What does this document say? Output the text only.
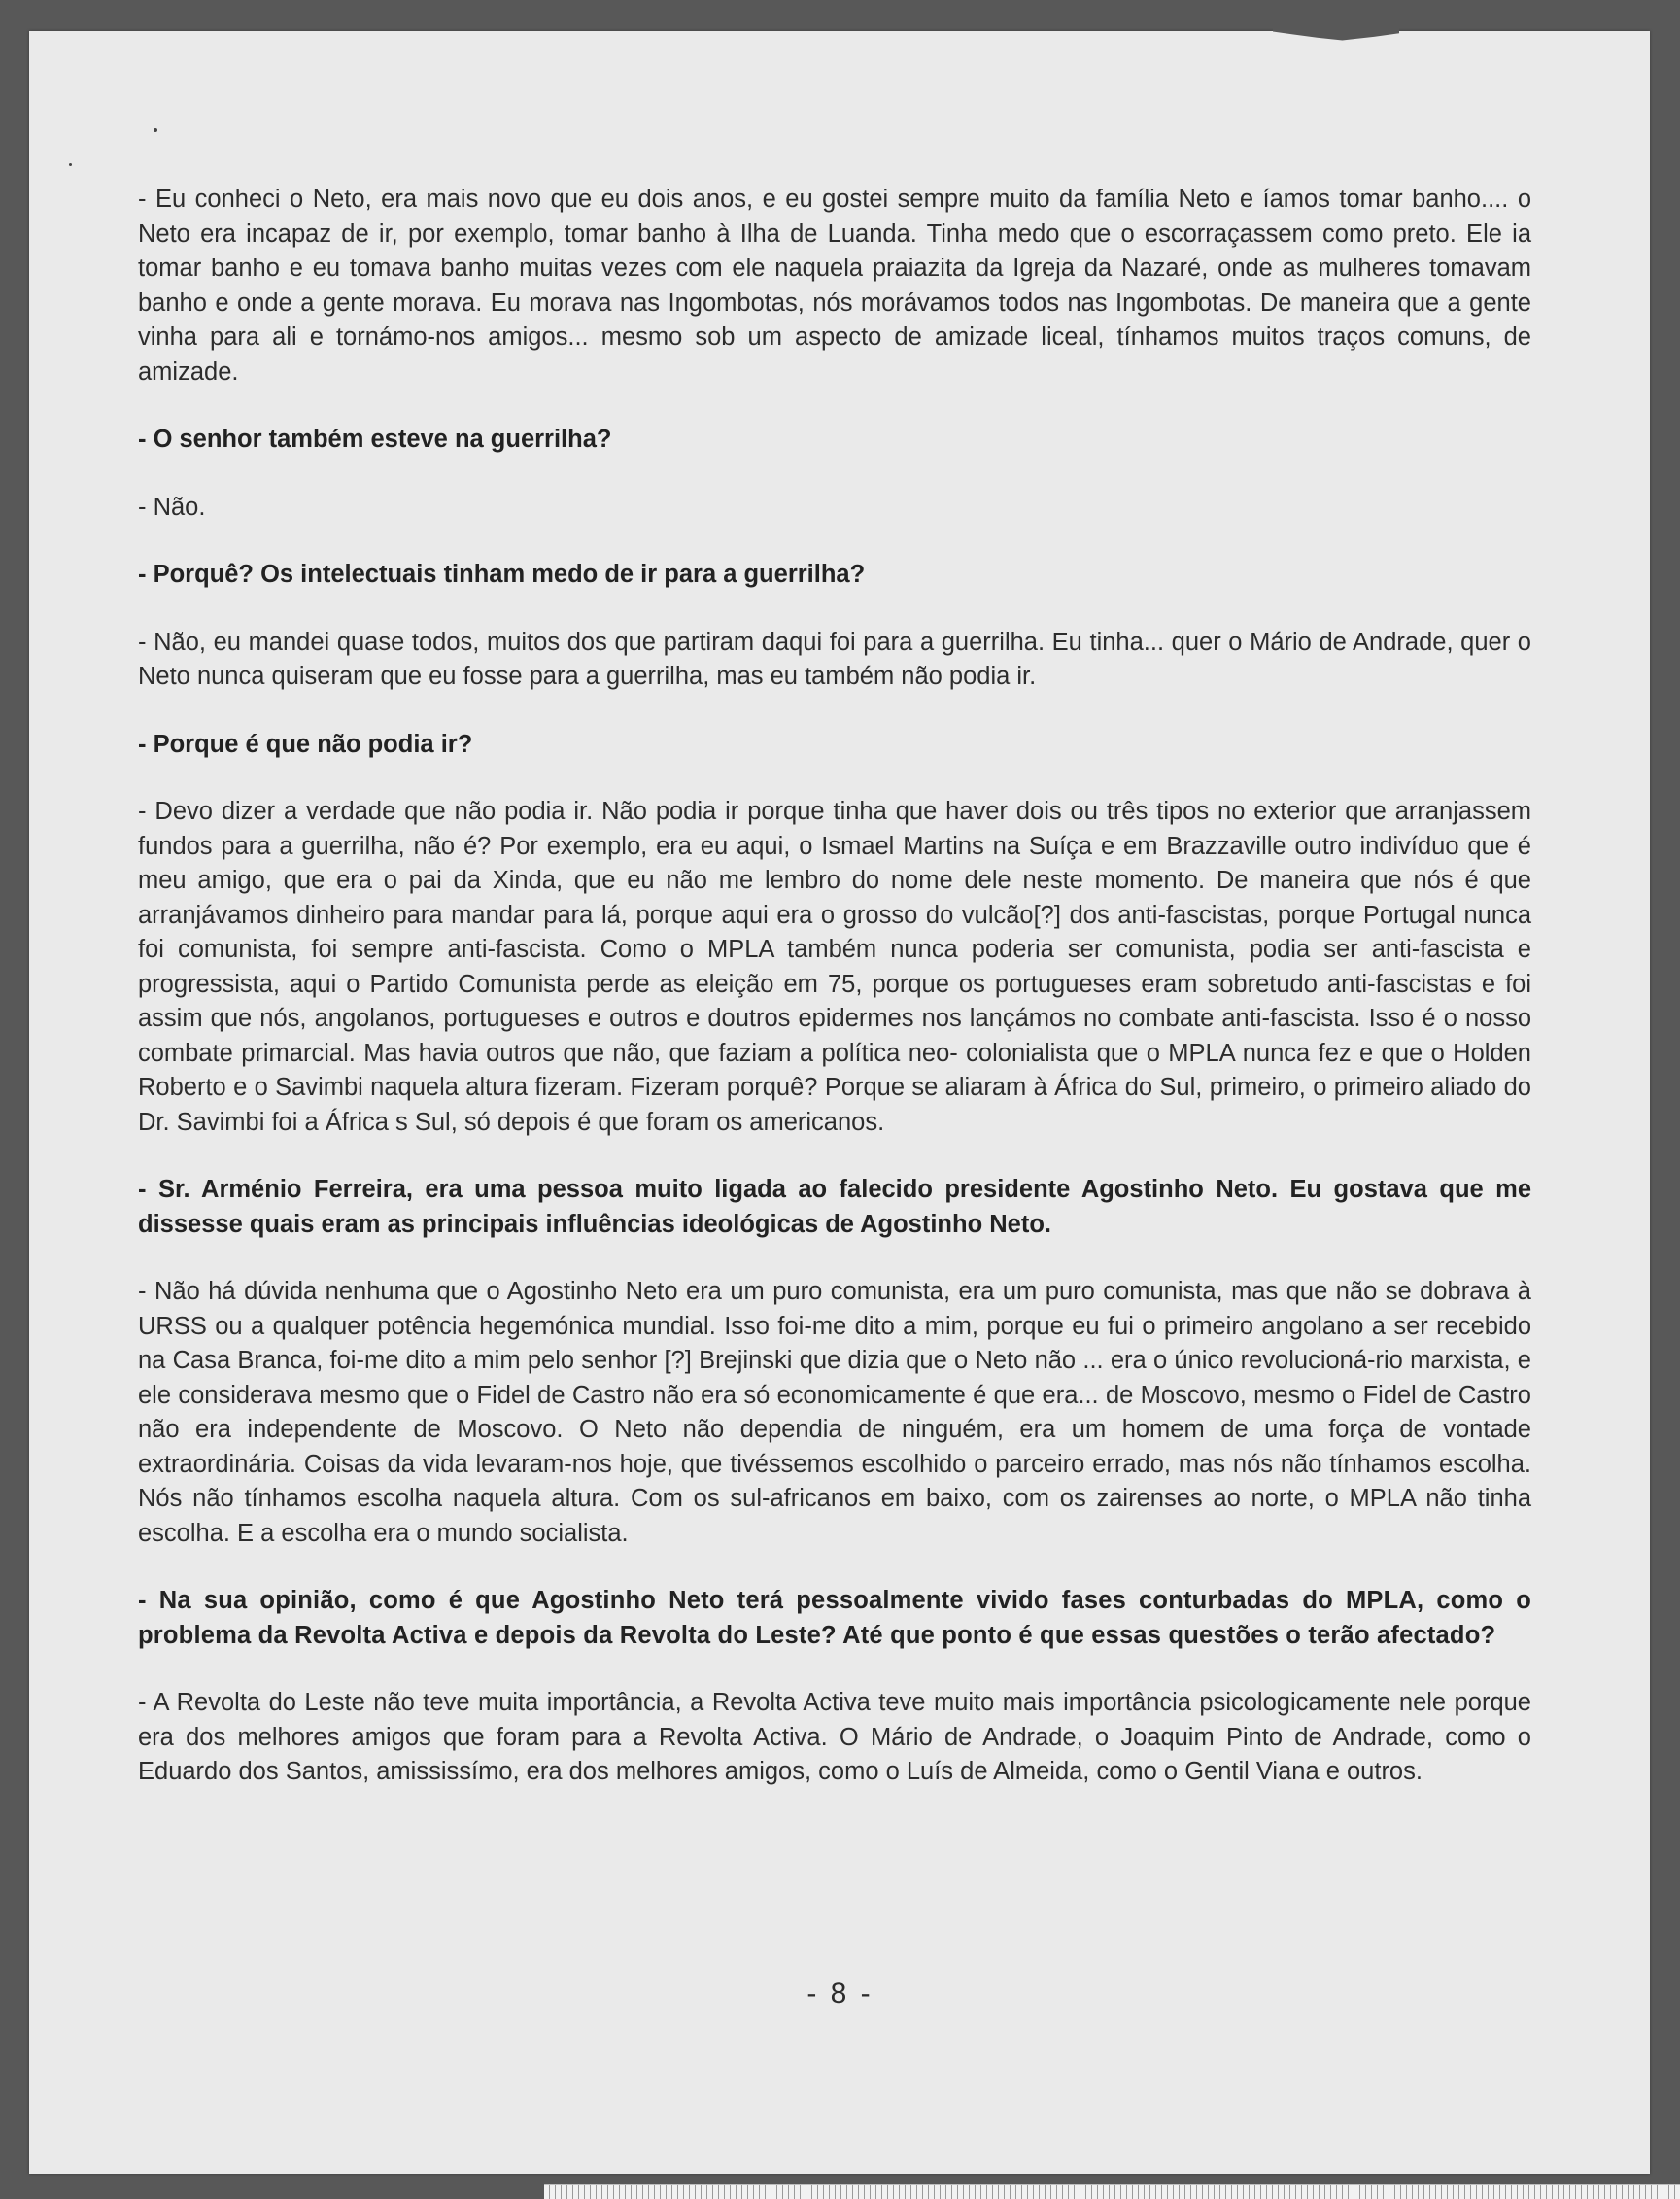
- Eu conheci o Neto, era mais novo que eu dois anos, e eu gostei sempre muito da família Neto e íamos tomar banho.... o Neto era incapaz de ir, por exemplo, tomar banho à Ilha de Luanda. Tinha medo que o escorraçassem como preto. Ele ia tomar banho e eu tomava banho muitas vezes com ele naquela praiazita da Igreja da Nazaré, onde as mulheres tomavam banho e onde a gente morava. Eu morava nas Ingombotas, nós morávamos todos nas Ingombotas. De maneira que a gente vinha para ali e tornámo-nos amigos... mesmo sob um aspecto de amizade liceal, tínhamos muitos traços comuns, de amizade.

- O senhor também esteve na guerrilha?

- Não.

- Porquê? Os intelectuais tinham medo de ir para a guerrilha?

- Não, eu mandei quase todos, muitos dos que partiram daqui foi para a guerrilha. Eu tinha... quer o Mário de Andrade, quer o Neto nunca quiseram que eu fosse para a guerrilha, mas eu também não podia ir.

- Porque é que não podia ir?

- Devo dizer a verdade que não podia ir. Não podia ir porque tinha que haver dois ou três tipos no exterior que arranjassem fundos para a guerrilha, não é? Por exemplo, era eu aqui, o Ismael Martins na Suíça e em Brazzaville outro indivíduo que é meu amigo, que era o pai da Xinda, que eu não me lembro do nome dele neste momento. De maneira que nós é que arranjávamos dinheiro para mandar para lá, porque aqui era o grosso do vulcão[?] dos anti-fascistas, porque Portugal nunca foi comunista, foi sempre anti-fascista. Como o MPLA também nunca poderia ser comunista, podia ser anti-fascista e progressista, aqui o Partido Comunista perde as eleição em 75, porque os portugueses eram sobretudo anti-fascistas e foi assim que nós, angolanos, portugueses e outros e doutros epidermes nos lançámos no combate anti-fascista. Isso é o nosso combate primarcial. Mas havia outros que não, que faziam a política neo- colonialista que o MPLA nunca fez e que o Holden Roberto e o Savimbi naquela altura fizeram. Fizeram porquê? Porque se aliaram à África do Sul, primeiro, o primeiro aliado do Dr. Savimbi foi a África s Sul, só depois é que foram os americanos.

- Sr. Arménio Ferreira, era uma pessoa muito ligada ao falecido presidente Agostinho Neto. Eu gostava que me dissesse quais eram as principais influências ideológicas de Agostinho Neto.

- Não há dúvida nenhuma que o Agostinho Neto era um puro comunista, era um puro comunista, mas que não se dobrava à URSS ou a qualquer potência hegemónica mundial. Isso foi-me dito a mim, porque eu fui o primeiro angolano a ser recebido na Casa Branca, foi-me dito a mim pelo senhor [?] Brejinski que dizia que o Neto não ... era o único revolucioná-rio marxista, e ele considerava mesmo que o Fidel de Castro não era só economicamente é que era... de Moscovo, mesmo o Fidel de Castro não era independente de Moscovo. O Neto não dependia de ninguém, era um homem de uma força de vontade extraordinária. Coisas da vida levaram-nos hoje, que tivéssemos escolhido o parceiro errado, mas nós não tínhamos escolha. Nós não tínhamos escolha naquela altura. Com os sul-africanos em baixo, com os zairenses ao norte, o MPLA não tinha escolha. E a escolha era o mundo socialista.

- Na sua opinião, como é que Agostinho Neto terá pessoalmente vivido fases conturbadas do MPLA, como o problema da Revolta Activa e depois da Revolta do Leste? Até que ponto é que essas questões o terão afectado?

- A Revolta do Leste não teve muita importância, a Revolta Activa teve muito mais importância psicologicamente nele porque era dos melhores amigos que foram para a Revolta Activa. O Mário de Andrade, o Joaquim Pinto de Andrade, como o Eduardo dos Santos, amississímo, era dos melhores amigos, como o Luís de Almeida, como o Gentil Viana e outros.

- 8 -
